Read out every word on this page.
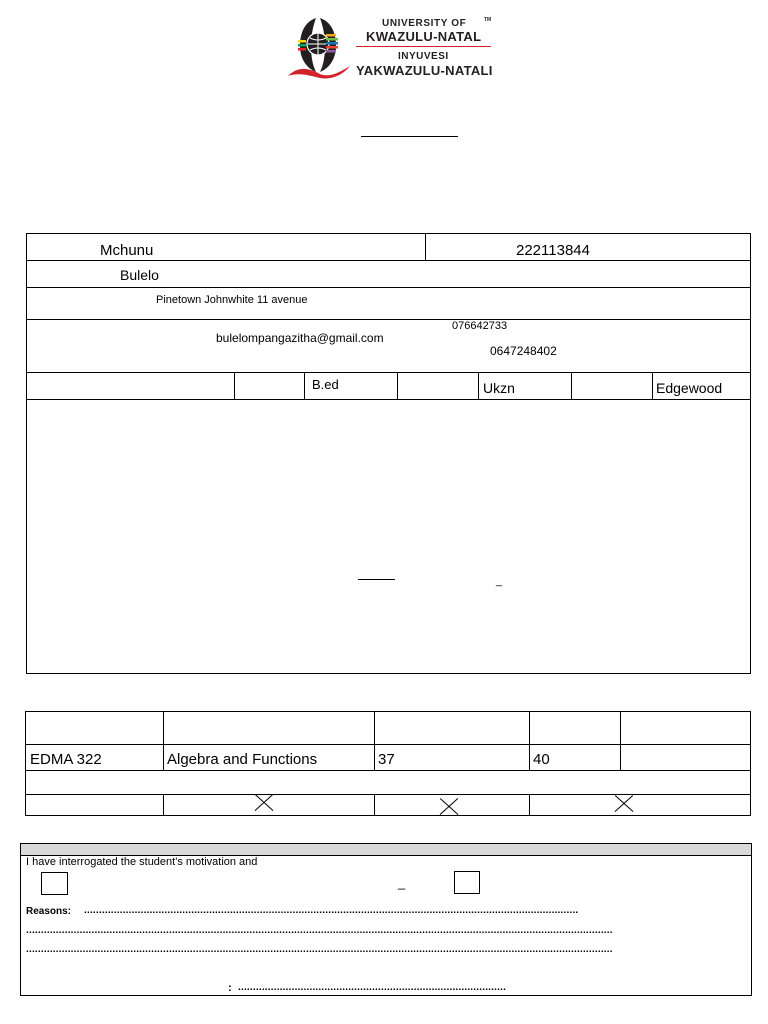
UNIVERSITY OF
KWAZULU-NATAL
INYUVESI
YAKWAZULU-NATALI
TM
Mchunu	222113844
Bulelo
Pinetown Johnwhite 11 avenue
076642733
bulelompangazitha@gmail.com
0647248402
B.ed	Ukzn	Edgewood
_
EDMA 322	Algebra and Functions	37	40
I have interrogated the student's motivation and
_
Reasons: ......................................................................................................................................................................
.....................................................................................................................................................................................................
.....................................................................................................................................................................................................
: ..........................................................................................
